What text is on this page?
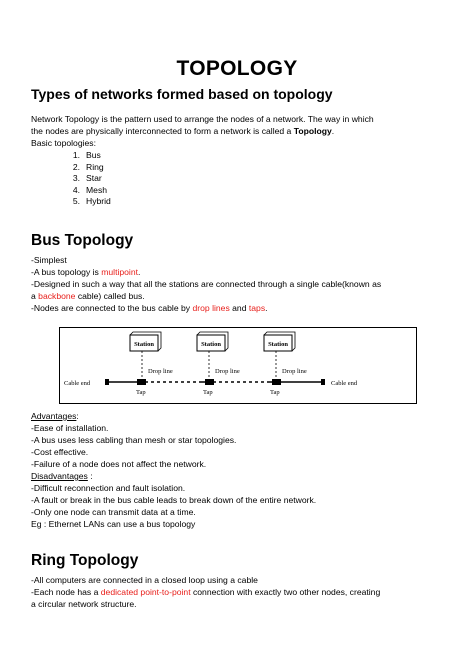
TOPOLOGY
Types of networks formed based on topology
Network Topology is the pattern used to arrange the nodes of a network. The way in which
the nodes are physically interconnected to form a network is called a Topology.
Basic topologies:
1. Bus
2. Ring
3. Star
4. Mesh
5. Hybrid
Bus Topology
-Simplest
-A bus topology is multipoint.
-Designed in such a way that all the stations are connected through a single cable(known as
a backbone cable) called bus.
-Nodes are connected to the bus cable by drop lines and taps.
Station	Station	Station
Cable end	Cable end
Drop line	Drop line	Drop line
Tap	Tap	Tap
Advantages:
-Ease of installation.
-A bus uses less cabling than mesh or star topologies.
-Cost effective.
-Failure of a node does not affect the network.
Disadvantages :
-Difficult reconnection and fault isolation.
-A fault or break in the bus cable leads to break down of the entire network.
-Only one node can transmit data at a time.
Eg : Ethernet LANs can use a bus topology
Ring Topology
-All computers are connected in a closed loop using a cable
-Each node has a dedicated point-to-point connection with exactly two other nodes, creating
a circular network structure.
